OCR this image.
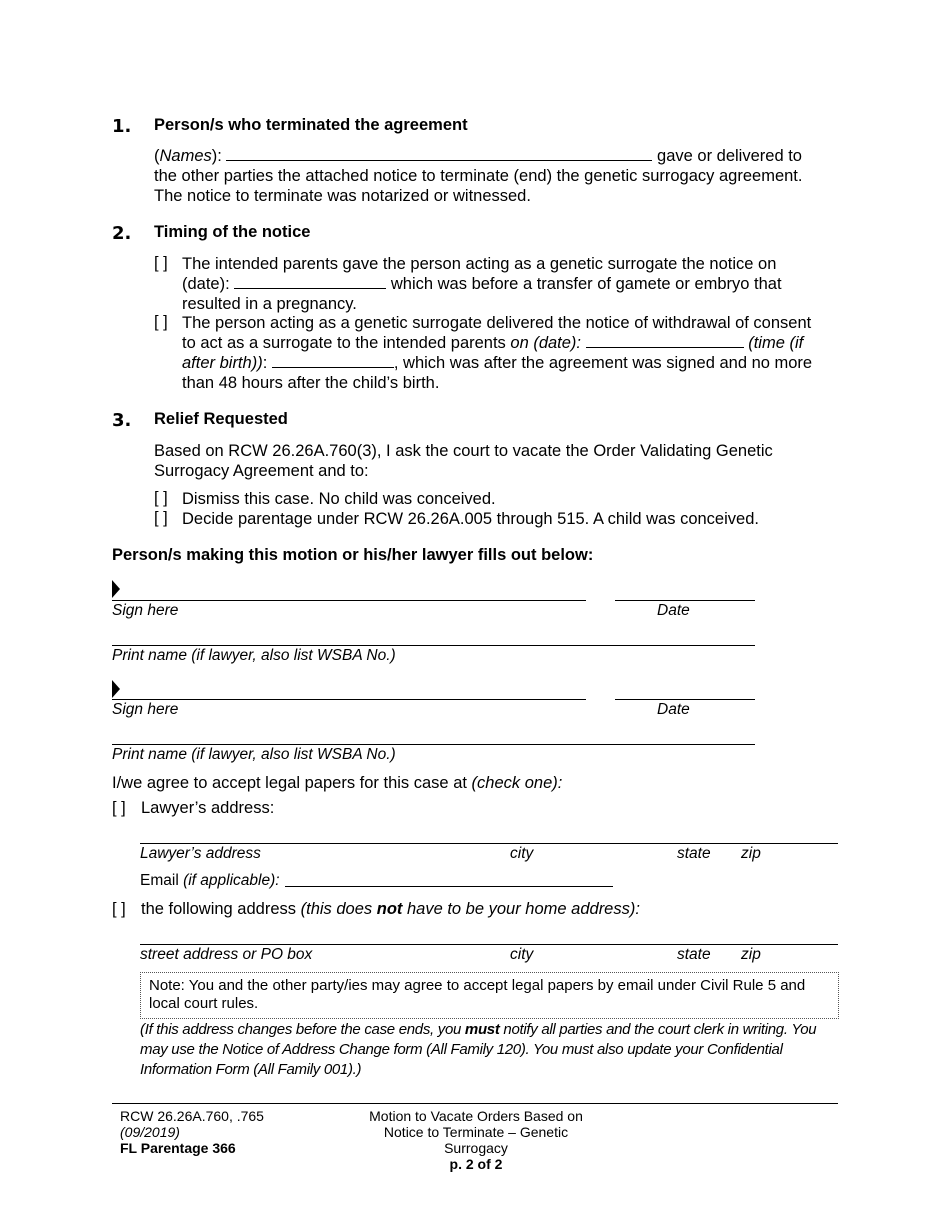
1. Person/s who terminated the agreement
(Names):	gave or delivered to
the other parties the attached notice to terminate (end) the genetic surrogacy agreement.
The notice to terminate was notarized or witnessed.
2. Timing of the notice
[ ] The intended parents gave the person acting as a genetic surrogate the notice on
(date):	which was before a transfer of gamete or embryo that
resulted in a pregnancy.
[ ] The person acting as a genetic surrogate delivered the notice of withdrawal of consent
to act as a surrogate to the intended parents on (date):	(time (if
after birth)):	, which was after the agreement was signed and no more
than 48 hours after the child’s birth.
3. Relief Requested
Based on RCW 26.26A.760(3), I ask the court to vacate the Order Validating Genetic
Surrogacy Agreement and to:
[ ] Dismiss this case. No child was conceived.
[ ] Decide parentage under RCW 26.26A.005 through 515. A child was conceived.
Person/s making this motion or his/her lawyer fills out below:
Sign here	Date
Print name (if lawyer, also list WSBA No.)
Sign here	Date
Print name (if lawyer, also list WSBA No.)
I/we agree to accept legal papers for this case at (check one):
[ ] Lawyer’s address:
Lawyer’s address	city	state zip
Email (if applicable):
[ ] the following address (this does not have to be your home address):
street address or PO box	city	state zip
Note: You and the other party/ies may agree to accept legal papers by email under Civil Rule 5 and local court rules.
(If this address changes before the case ends, you must notify all parties and the court clerk in writing. You may use the Notice of Address Change form (All Family 120). You must also update your Confidential Information Form (All Family 001).)
RCW 26.26A.760, .765
(09/2019)
FL Parentage 366
Motion to Vacate Orders Based on
Notice to Terminate – Genetic
Surrogacy
p. 2 of 2
